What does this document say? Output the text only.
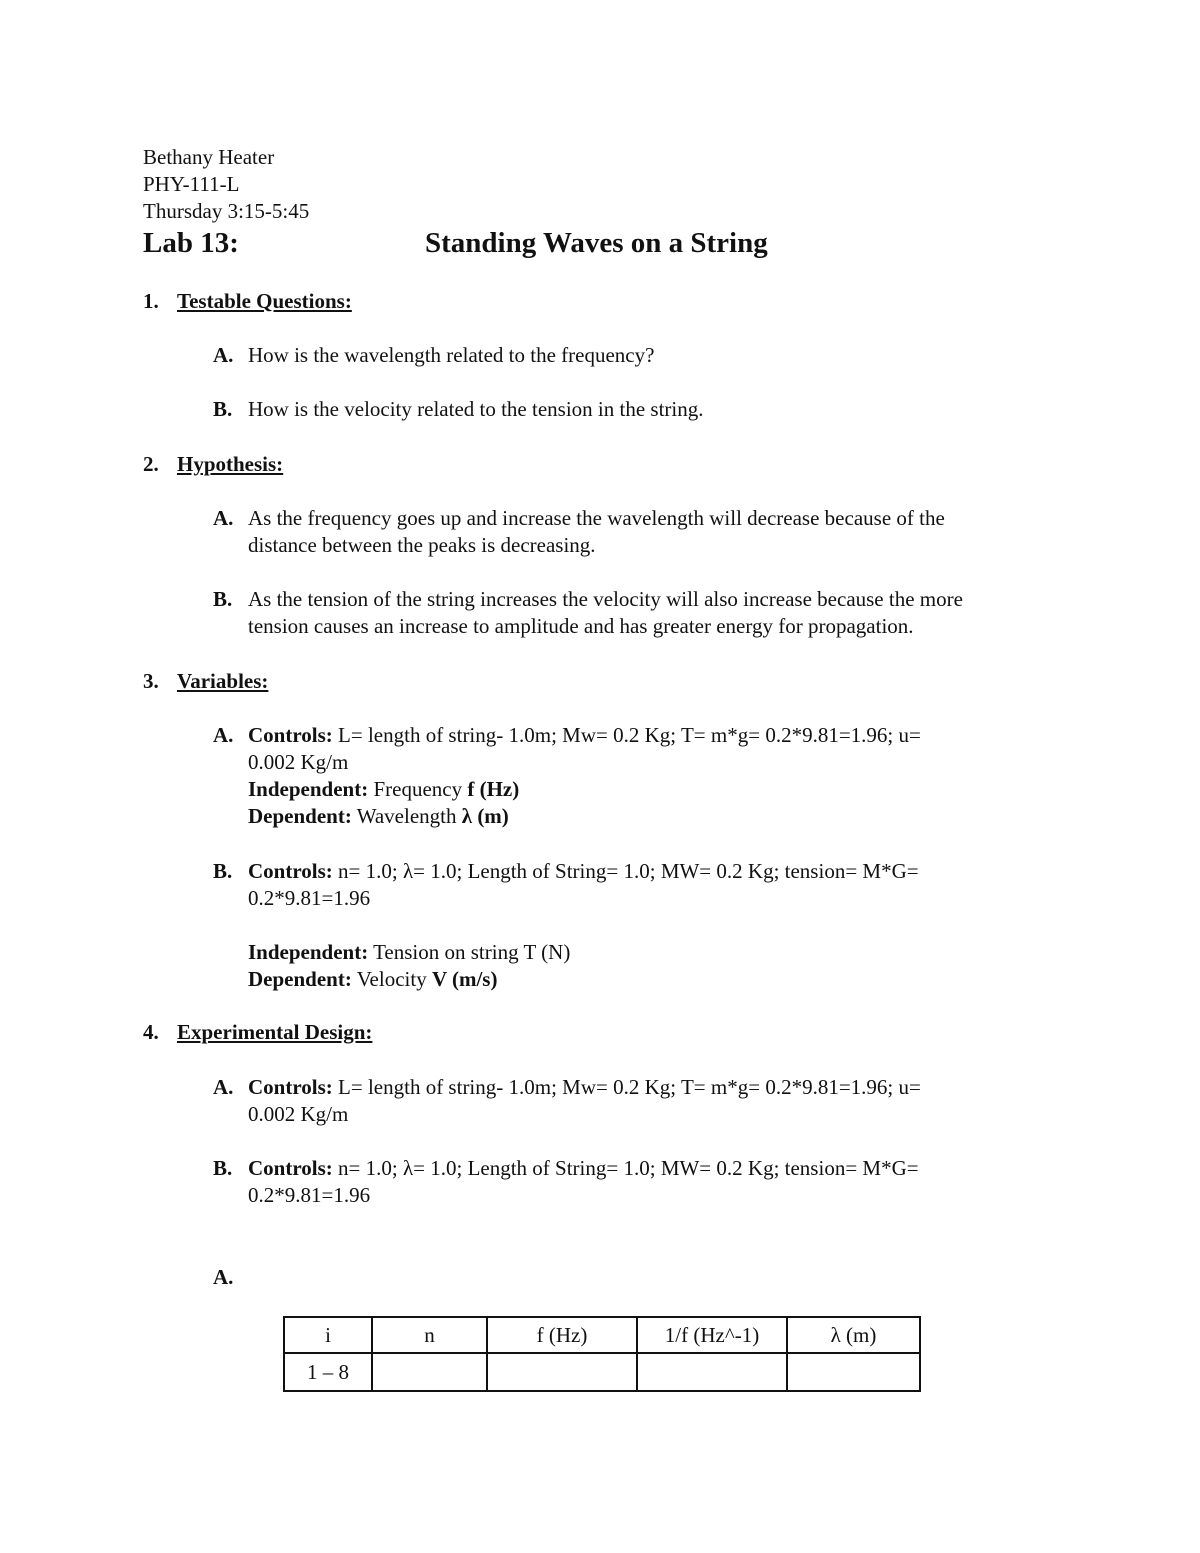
Bethany Heater
PHY-111-L
Thursday 3:15-5:45
Lab 13:	Standing Waves on a String
1. Testable Questions:
A. How is the wavelength related to the frequency?
B. How is the velocity related to the tension in the string.
2. Hypothesis:
A. As the frequency goes up and increase the wavelength will decrease because of the
distance between the peaks is decreasing.
B. As the tension of the string increases the velocity will also increase because the more
tension causes an increase to amplitude and has greater energy for propagation.
3. Variables:
A. Controls: L= length of string- 1.0m; Mw= 0.2 Kg; T= m*g= 0.2*9.81=1.96; u=
0.002 Kg/m
Independent: Frequency f (Hz)
Dependent: Wavelength λ (m)
B. Controls: n= 1.0; λ= 1.0; Length of String= 1.0; MW= 0.2 Kg; tension= M*G=
0.2*9.81=1.96
Independent: Tension on string T (N)
Dependent: Velocity V (m/s)
4. Experimental Design:
A. Controls: L= length of string- 1.0m; Mw= 0.2 Kg; T= m*g= 0.2*9.81=1.96; u=
0.002 Kg/m
B. Controls: n= 1.0; λ= 1.0; Length of String= 1.0; MW= 0.2 Kg; tension= M*G=
0.2*9.81=1.96
A.
i	n	f (Hz)	1/f (Hz^-1)	λ (m)
1 – 8				
